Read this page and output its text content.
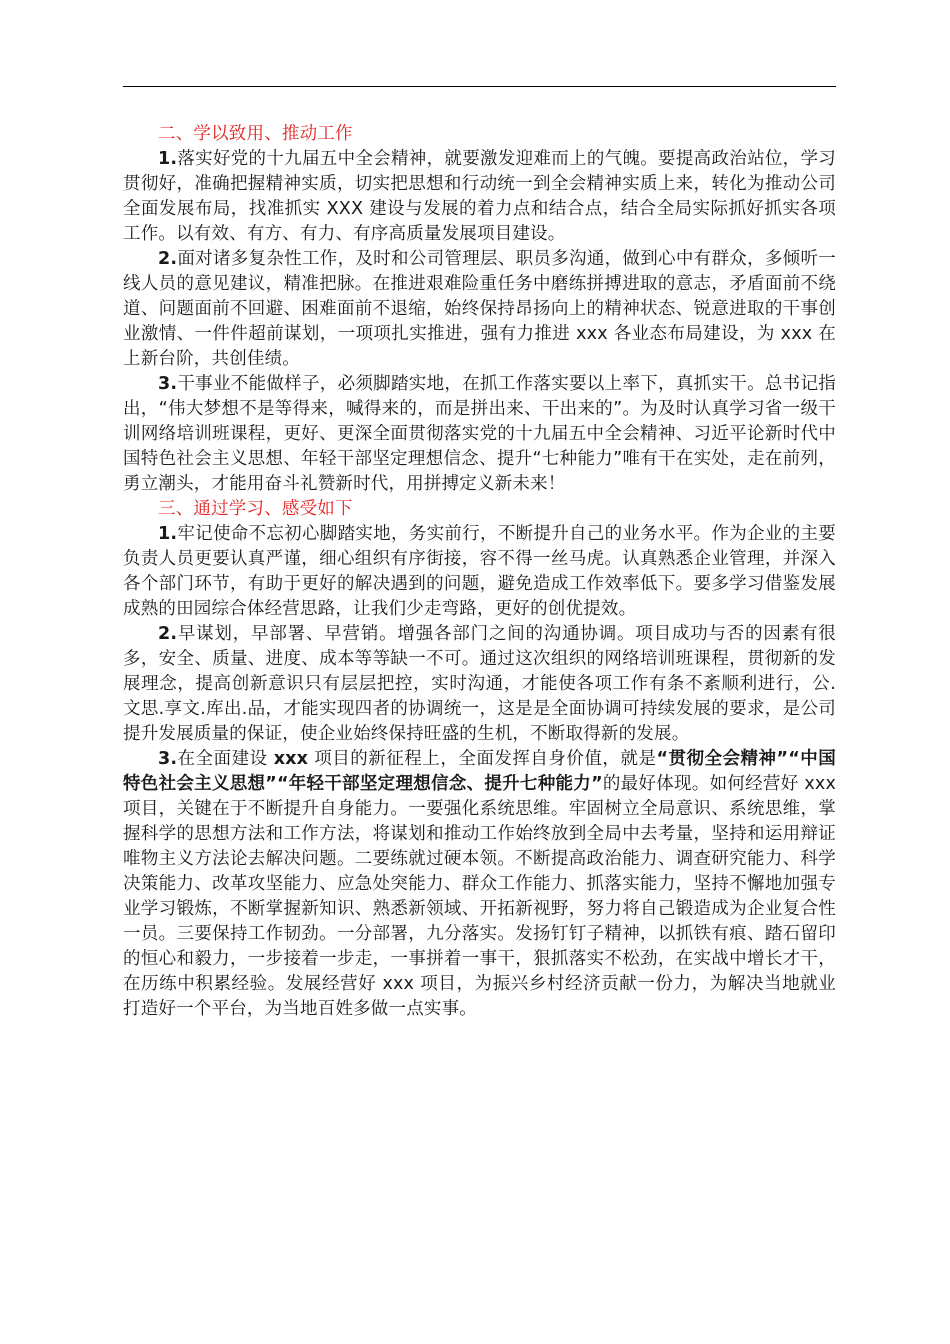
二、学以致用、推动工作

1.落实好党的十九届五中全会精神，就要激发迎难而上的气魄。要提高政治站位，学习贯彻好，准确把握精神实质，切实把思想和行动统一到全会精神实质上来，转化为推动公司全面发展布局，找准抓实 XXX 建设与发展的着力点和结合点，结合全局实际抓好抓实各项工作。以有效、有方、有力、有序高质量发展项目建设。

2.面对诸多复杂性工作，及时和公司管理层、职员多沟通，做到心中有群众，多倾听一线人员的意见建议，精准把脉。在推进艰难险重任务中磨练拼搏进取的意志，矛盾面前不绕道、问题面前不回避、困难面前不退缩，始终保持昂扬向上的精神状态、锐意进取的干事创业激情、一件件超前谋划，一项项扎实推进，强有力推进 xxx 各业态布局建设，为 xxx 在上新台阶，共创佳绩。

3.干事业不能做样子，必须脚踏实地，在抓工作落实要以上率下，真抓实干。总书记指出，“伟大梦想不是等得来，喊得来的，而是拼出来、干出来的”。为及时认真学习省一级干训网络培训班课程，更好、更深全面贯彻落实党的十九届五中全会精神、习近平论新时代中国特色社会主义思想、年轻干部坚定理想信念、提升“七种能力”唯有干在实处，走在前列，勇立潮头，才能用奋斗礼赞新时代，用拼搏定义新未来！

三、通过学习、感受如下

1.牢记使命不忘初心脚踏实地，务实前行，不断提升自己的业务水平。作为企业的主要负责人员更要认真严谨，细心组织有序街接，容不得一丝马虎。认真熟悉企业管理，并深入各个部门环节，有助于更好的解决遇到的问题，避免造成工作效率低下。要多学习借鉴发展成熟的田园综合体经营思路，让我们少走弯路，更好的创优提效。

2.早谋划，早部署、早营销。增强各部门之间的沟通协调。项目成功与否的因素有很多，安全、质量、进度、成本等等缺一不可。通过这次组织的网络培训班课程，贯彻新的发展理念，提高创新意识只有层层把控，实时沟通，才能使各项工作有条不紊顺利进行，公.文思.享文.库出.品，才能实现四者的协调统一，这是是全面协调可持续发展的要求，是公司提升发展质量的保证，使企业始终保持旺盛的生机，不断取得新的发展。

3.在全面建设 xxx 项目的新征程上，全面发挥自身价值，就是“贯彻全会精神”“中国特色社会主义思想”“年轻干部坚定理想信念、提升七种能力”的最好体现。如何经营好 xxx 项目，关键在于不断提升自身能力。一要强化系统思维。牢固树立全局意识、系统思维，掌握科学的思想方法和工作方法，将谋划和推动工作始终放到全局中去考量，坚持和运用辩证唯物主义方法论去解决问题。二要练就过硬本领。不断提高政治能力、调查研究能力、科学决策能力、改革攻坚能力、应急处突能力、群众工作能力、抓落实能力，坚持不懈地加强专业学习锻炼，不断掌握新知识、熟悉新领域、开拓新视野，努力将自己锻造成为企业复合性一员。三要保持工作韧劲。一分部署，九分落实。发扬钉钉子精神，以抓铁有痕、踏石留印的恒心和毅力，一步接着一步走，一事拼着一事干，狠抓落实不松劲，在实战中增长才干，在历练中积累经验。发展经营好 xxx 项目，为振兴乡村经济贡献一份力，为解决当地就业打造好一个平台，为当地百姓多做一点实事。
